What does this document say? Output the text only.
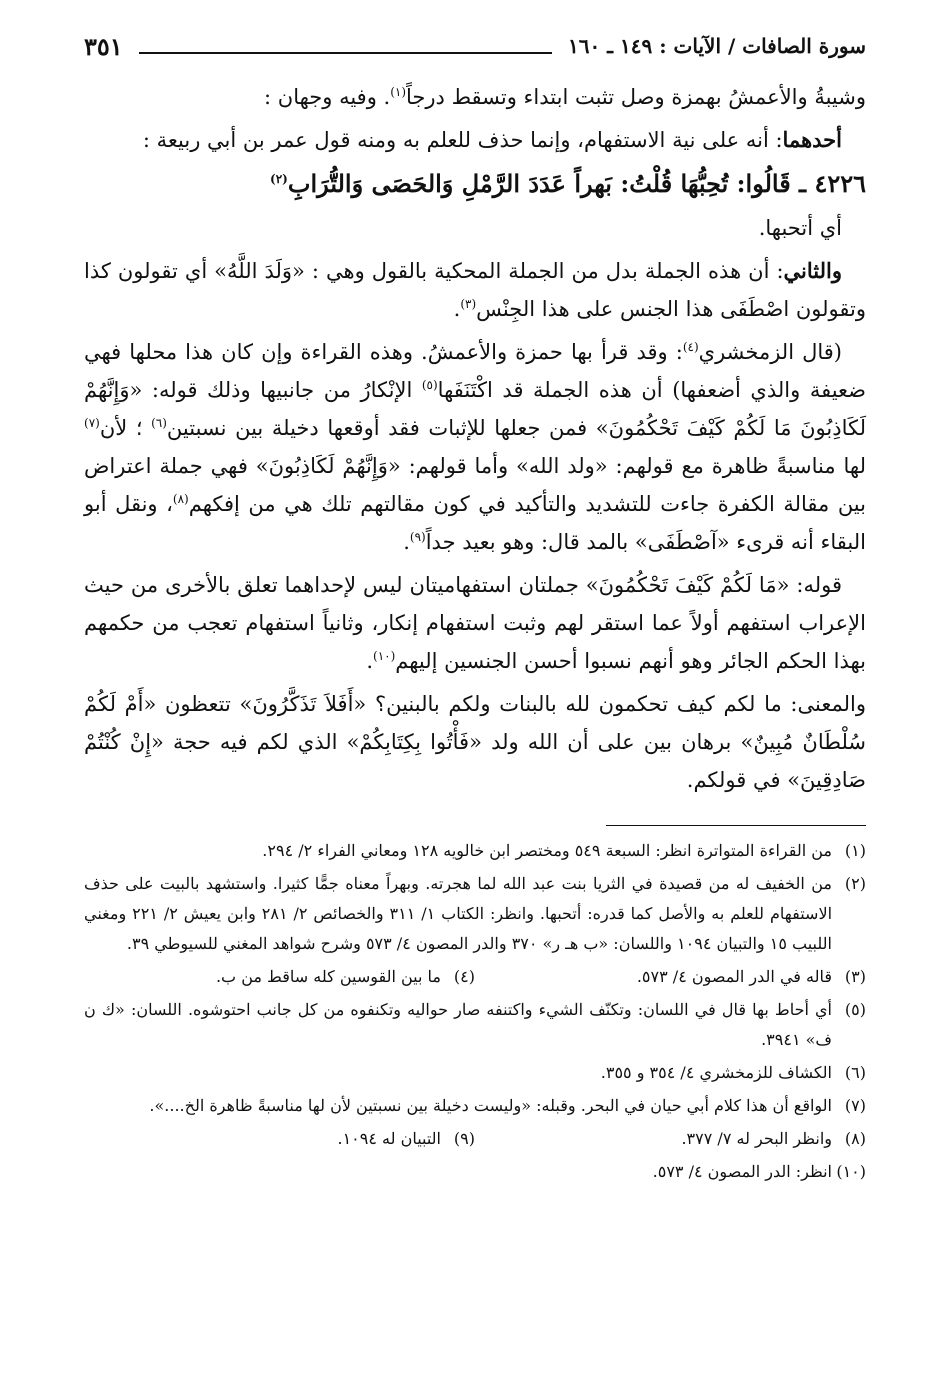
سورة الصافات / الآيات : ١٤٩ ـ ١٦٠
٣٥١

وشيبةُ والأعمشُ بهمزة وصل تثبت ابتداء وتسقط درجاً$^{(١)}$. وفيه وجهان :

أحدهما: أنه على نية الاستفهام، وإنما حذف للعلم به ومنه قول عمر بن أبي ربيعة :

٤٢٢٦ ـ قَالُوا: تُحِبُّهَا قُلْتُ: بَهراً عَدَدَ الرَّمْلِ وَالحَصَى وَالتُّرَابِ$^{(٢)}$

أي أتحبها.

والثاني: أن هذه الجملة بدل من الجملة المحكية بالقول وهي : «وَلَدَ اللَّهُ» أي تقولون كذا وتقولون اصْطَفَى هذا الجنس على هذا الجِنْس$^{(٣)}$.

(قال الزمخشري$^{(٤)}$: وقد قرأ بها حمزة والأعمشُ. وهذه القراءة وإن كان هذا محلها فهي ضعيفة والذي أضعفها) أن هذه الجملة قد اكْتَنَفَها$^{(٥)}$ الإنْكارُ من جانبيها وذلك قوله: «وَإِنَّهُمْ لَكَاذِبُونَ مَا لَكُمْ كَيْفَ تَحْكُمُونَ» فمن جعلها للإثبات فقد أوقعها دخيلة بين نسبتين$^{(٦)}$ ؛ لأن$^{(٧)}$ لها مناسبةً ظاهرة مع قولهم: «ولد الله» وأما قولهم: «وَإِنَّهُمْ لَكَاذِبُونَ» فهي جملة اعتراض بين مقالة الكفرة جاءت للتشديد والتأكيد في كون مقالتهم تلك هي من إفكهم$^{(٨)}$، ونقل أبو البقاء أنه قرىء «آصْطَفَى» بالمد قال: وهو بعيد جداً$^{(٩)}$.

قوله: «مَا لَكُمْ كَيْفَ تَحْكُمُونَ» جملتان استفهاميتان ليس لإحداهما تعلق بالأخرى من حيث الإعراب استفهم أولاً عما استقر لهم وثبت استفهام إنكار، وثانياً استفهام تعجب من حكمهم بهذا الحكم الجائر وهو أنهم نسبوا أحسن الجنسين إليهم$^{(١٠)}$.

والمعنى: ما لكم كيف تحكمون لله بالبنات ولكم بالبنين؟ «أَفَلاَ تَذَكَّرُونَ» تتعظون «أَمْ لَكُمْ سُلْطَانٌ مُبِينٌ» برهان بين على أن الله ولد «فَأْتُوا بِكِتَابِكُمْ» الذي لكم فيه حجة «إِنْ كُنْتُمْ صَادِقِينَ» في قولكم.

(١)
من القراءة المتواترة انظر: السبعة ٥٤٩ ومختصر ابن خالويه ١٢٨ ومعاني الفراء ٢/ ٢٩٤.
(٢)
من الخفيف له من قصيدة في الثريا بنت عبد الله لما هجرته. وبهراً معناه جمًّا كثيرا. واستشهد بالبيت على حذف الاستفهام للعلم به والأصل كما قدره: أتحبها. وانظر: الكتاب ١/ ٣١١ والخصائص ٢/ ٢٨١ وابن يعيش ٢/ ٢٢١ ومغني اللبيب ١٥ والتبيان ١٠٩٤ واللسان: «ب هـ ر» ٣٧٠ والدر المصون ٤/ ٥٧٣ وشرح شواهد المغني للسيوطي ٣٩.
(٣)
قاله في الدر المصون ٤/ ٥٧٣.
(٤)
ما بين القوسين كله ساقط من ب.
(٥)
أي أحاط بها قال في اللسان: وتكنّف الشيء واكتنفه صار حواليه وتكنفوه من كل جانب احتوشوه. اللسان: «ك ن ف» ٣٩٤١.
(٦)
الكشاف للزمخشري ٤/ ٣٥٤ و ٣٥٥.
(٧)
الواقع أن هذا كلام أبي حيان في البحر. وقبله: «وليست دخيلة بين نسبتين لأن لها مناسبةً ظاهرة الخ....».
(٨)
وانظر البحر له ٧/ ٣٧٧.
(٩)
التبيان له ١٠٩٤.
(١٠)
انظر: الدر المصون ٤/ ٥٧٣.
